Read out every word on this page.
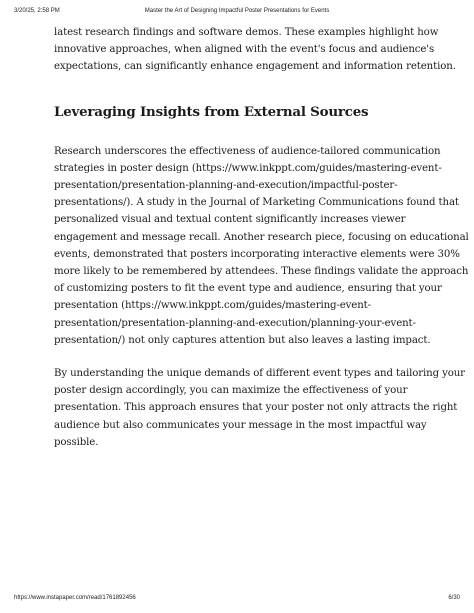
3/20/25, 2:58 PM	Master the Art of Designing Impactful Poster Presentations for Events

latest research findings and software demos. These examples highlight how
innovative approaches, when aligned with the event's focus and audience's
expectations, can significantly enhance engagement and information retention.

Leveraging Insights from External Sources

Research underscores the effectiveness of audience-tailored communication
strategies in poster design (https://www.inkppt.com/guides/mastering-event-
presentation/presentation-planning-and-execution/impactful-poster-
presentations/). A study in the Journal of Marketing Communications found that
personalized visual and textual content significantly increases viewer
engagement and message recall. Another research piece, focusing on educational
events, demonstrated that posters incorporating interactive elements were 30%
more likely to be remembered by attendees. These findings validate the approach
of customizing posters to fit the event type and audience, ensuring that your
presentation (https://www.inkppt.com/guides/mastering-event-
presentation/presentation-planning-and-execution/planning-your-event-
presentation/) not only captures attention but also leaves a lasting impact.

By understanding the unique demands of different event types and tailoring your
poster design accordingly, you can maximize the effectiveness of your
presentation. This approach ensures that your poster not only attracts the right
audience but also communicates your message in the most impactful way
possible.

https://www.instapaper.com/read/1761892456	6/30
